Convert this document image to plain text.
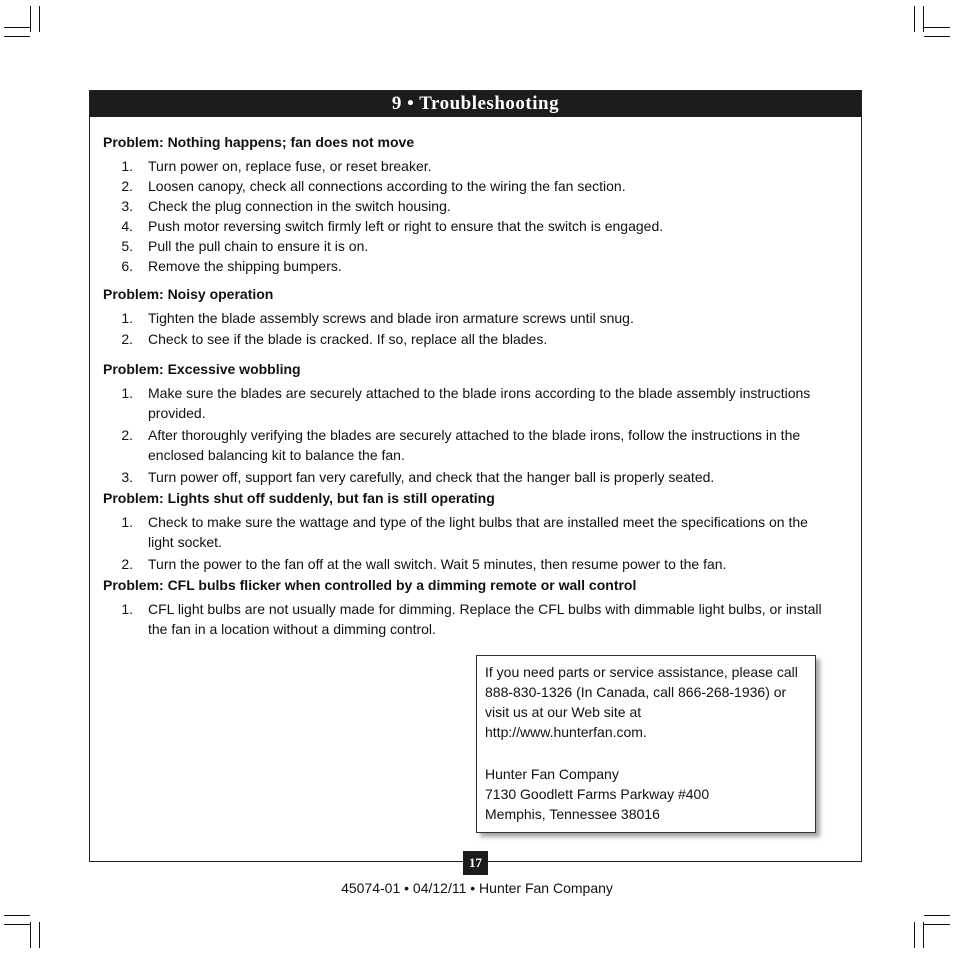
9 • Troubleshooting
Problem: Nothing happens; fan does not move
1. Turn power on, replace fuse, or reset breaker.
2. Loosen canopy, check all connections according to the wiring the fan section.
3. Check the plug connection in the switch housing.
4. Push motor reversing switch firmly left or right to ensure that the switch is engaged.
5. Pull the pull chain to ensure it is on.
6. Remove the shipping bumpers.
Problem: Noisy operation
1. Tighten the blade assembly screws and blade iron armature screws until snug.
2. Check to see if the blade is cracked. If so, replace all the blades.
Problem: Excessive wobbling
1. Make sure the blades are securely attached to the blade irons according to the blade assembly instructions provided.
2. After thoroughly verifying the blades are securely attached to the blade irons, follow the instructions in the enclosed balancing kit to balance the fan.
3. Turn power off, support fan very carefully, and check that the hanger ball is properly seated.
Problem: Lights shut off suddenly, but fan is still operating
1. Check to make sure the wattage and type of the light bulbs that are installed meet the specifications on the light socket.
2. Turn the power to the fan off at the wall switch. Wait 5 minutes, then resume power to the fan.
Problem: CFL bulbs flicker when controlled by a dimming remote or wall control
1. CFL light bulbs are not usually made for dimming. Replace the CFL bulbs with dimmable light bulbs, or install the fan in a location without a dimming control.

If you need parts or service assistance, please call

888-830-1326 (In Canada, call 866-268-1936) or

visit us at our Web site at

http://www.hunterfan.com.

Hunter Fan Company

7130 Goodlett Farms Parkway #400

Memphis, Tennessee 38016

17
45074-01 • 04/12/11 • Hunter Fan Company
